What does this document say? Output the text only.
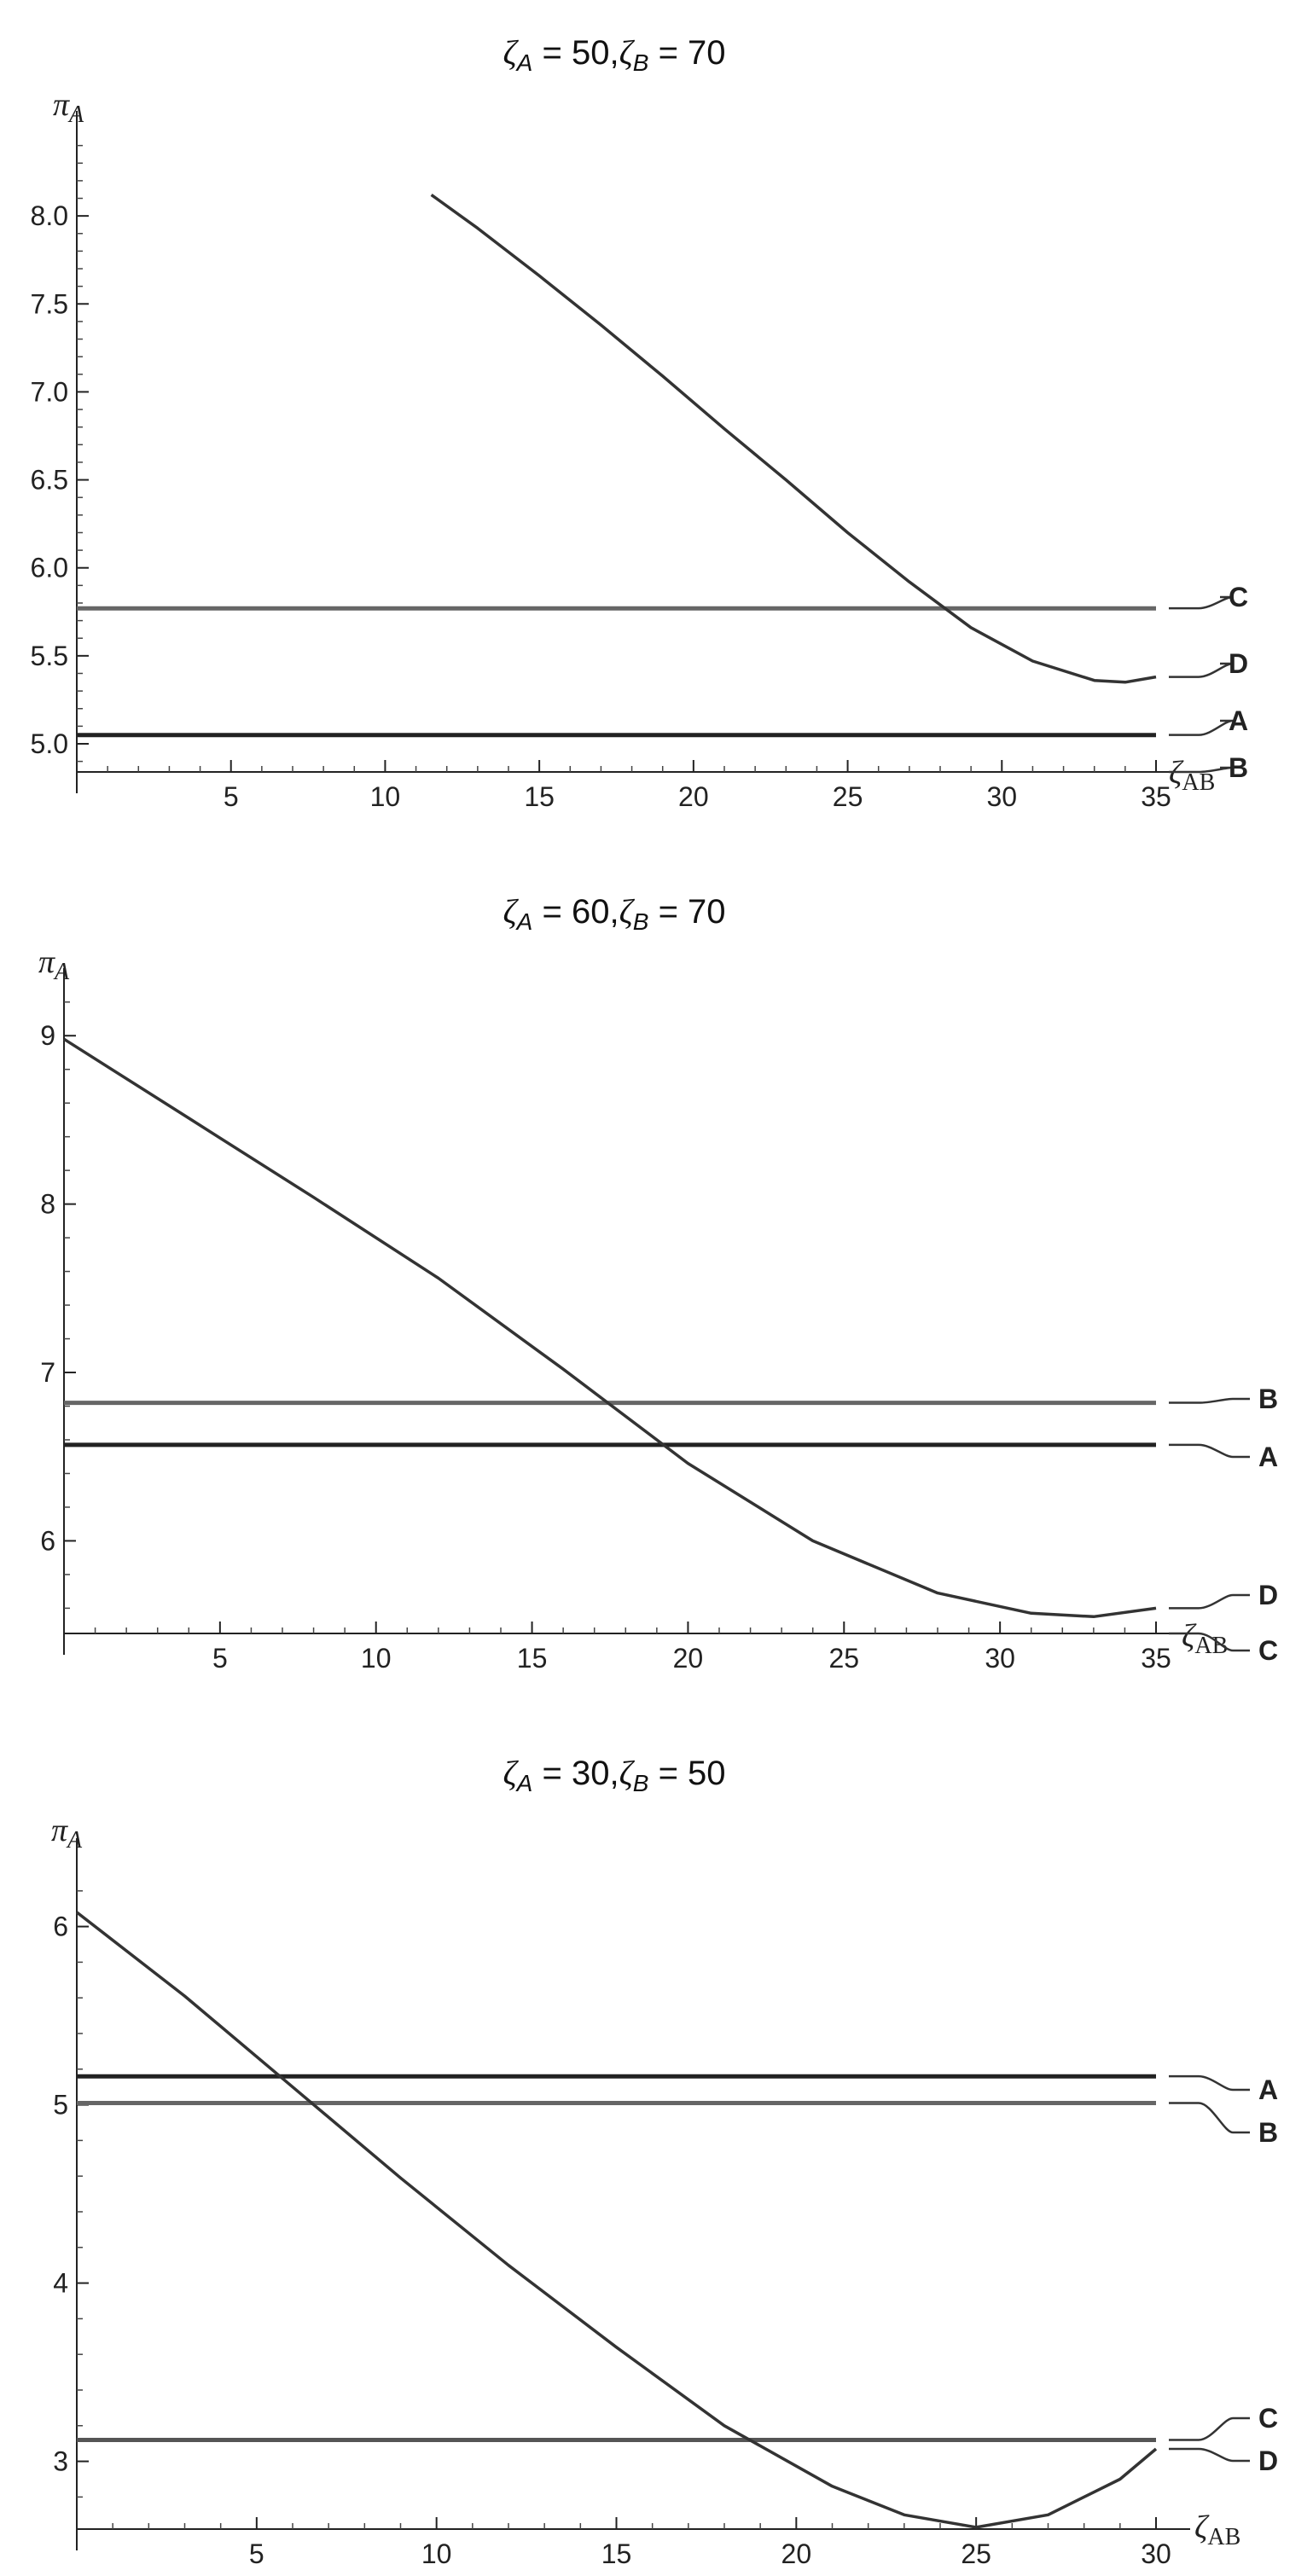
$\zeta_A = 50,\zeta_B = 70$
5.0
5.5
6.0
6.5
7.0
7.5
8.0
5	10	15	20	25	30	35
$\pi_A$
$\zeta_{AB}$
C
D
A
B
$\zeta_A = 60,\zeta_B = 70$
6
7
8
9
5	10	15	20	25	30	35
$\pi_A$
$\zeta_{AB}$
B
A
D
C
$\zeta_A = 30,\zeta_B = 50$
3
4
5
6
5	10	15	20	25	30
$\pi_A$
$\zeta_{AB}$
A
B
C
D
